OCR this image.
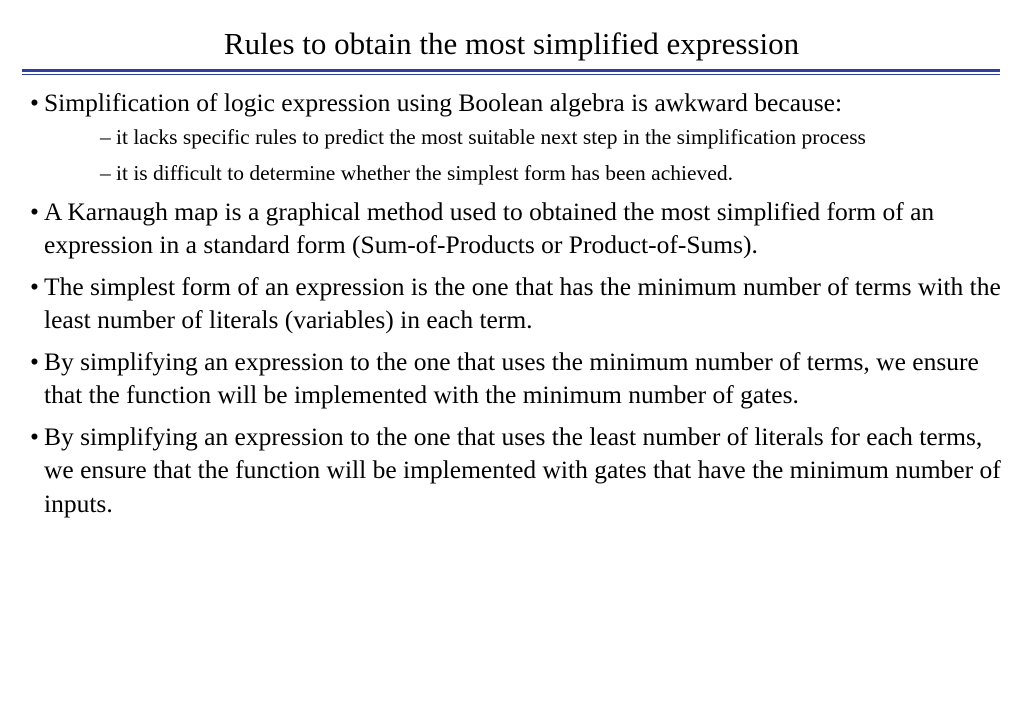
Rules to obtain the most simplified expression
• Simplification of logic expression using Boolean algebra is awkward because:
– it lacks specific rules to predict the most suitable next step in the simplification process
– it is difficult to determine whether the simplest form has been achieved.
• A Karnaugh map is a graphical method used to obtained the most simplified form of an expression in a standard form (Sum-of-Products or Product-of-Sums).
• The simplest form of an expression is the one that has the minimum number of terms with the least number of literals (variables) in each term.
• By simplifying an expression to the one that uses the minimum number of terms, we ensure that the function will be implemented with the minimum number of gates.
• By simplifying an expression to the one that uses the least number of literals for each terms, we ensure that the function will be implemented with gates that have the minimum number of inputs.
